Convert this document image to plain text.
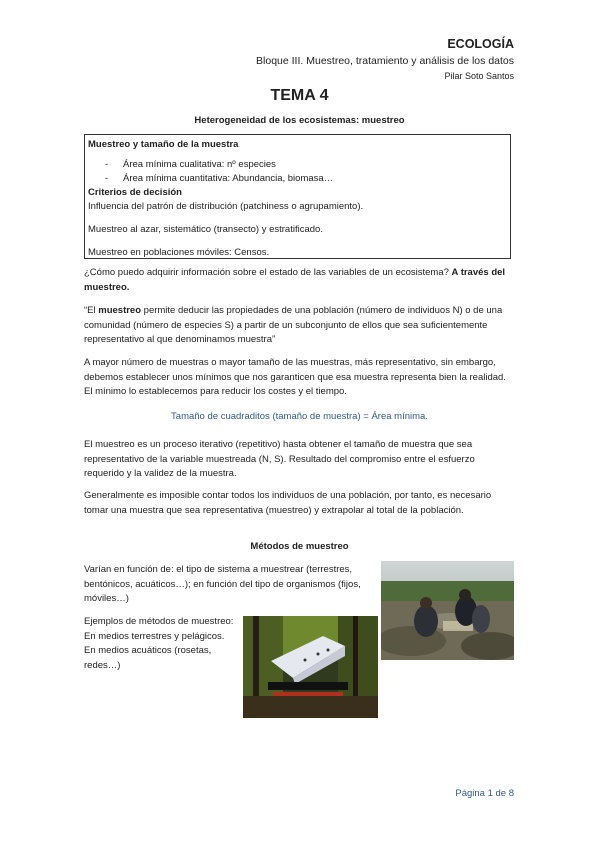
ECOLOGÍA
Bloque III. Muestreo, tratamiento y análisis de los datos
Pilar Soto Santos
TEMA 4
Heterogeneidad de los ecosistemas: muestreo
Muestreo y tamaño de la muestra
- Área mínima cualitativa: nº especies
- Área mínima cuantitativa: Abundancia, biomasa…
Criterios de decisión
Influencia del patrón de distribución (patchiness o agrupamiento).
Muestreo al azar, sistemático (transecto) y estratificado.
Muestreo en poblaciones móviles: Censos.
¿Cómo puedo adquirir información sobre el estado de las variables de un ecosistema? A través del muestreo.
“El muestreo permite deducir las propiedades de una población (número de individuos N) o de una comunidad (número de especies S) a partir de un subconjunto de ellos que sea suficientemente representativo al que denominamos muestra”
A mayor número de muestras o mayor tamaño de las muestras, más representativo, sin embargo, debemos establecer unos mínimos que nos garanticen que esa muestra representa bien la realidad. El mínimo lo establecemos para reducir los costes y el tiempo.
Tamaño de cuadraditos (tamaño de muestra) = Área mínima.
El muestreo es un proceso iterativo (repetitivo) hasta obtener el tamaño de muestra que sea representativo de la variable muestreada (N, S). Resultado del compromiso entre el esfuerzo requerido y la validez de la muestra.
Generalmente es imposible contar todos los individuos de una población, por tanto, es necesario tomar una muestra que sea representativa (muestreo) y extrapolar al total de la población.
Métodos de muestreo
Varían en función de: el tipo de sistema a muestrear (terrestres, bentónicos, acuáticos…); en función del tipo de organismos (fijos, móviles…)
Ejemplos de métodos de muestreo: En medios terrestres y pelágicos. En medios acuáticos (rosetas, redes…)
Página 1 de 8
